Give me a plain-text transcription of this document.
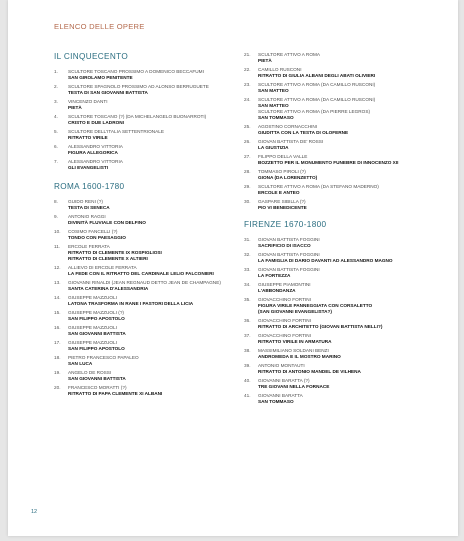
ELENCO DELLE OPERE
IL CINQUECENTO
1. SCULTORE TOSCANO PROSSIMO A DOMENICO BECCAFUMI
SAN GIROLAMO PENITENTE
2. SCULTORE SPAGNOLO PROSSIMO AD ALONSO BERRUGUETE
TESTA DI SAN GIOVANNI BATTISTA
3. VINCENZO DANTI
PIETÀ
4. SCULTORE TOSCANO (?) (DA MICHELANGELO BUONARROTI)
CRISTO E DUE LADRONI
5. SCULTORE DELL'ITALIA SETTENTRIONALE
RITRATTO VIRILE
6. ALESSANDRO VITTORIA
FIGURA ALLEGORICA
7. ALESSANDRO VITTORIA
GLI EVANGELISTI
ROMA 1600-1780
8. GUIDO RENI (?)
TESTA DI SENECA
9. ANTONIO RAGGI
DIVINITÀ FLUVIALE CON DELFINO
10. COSIMO FANCELLI (?)
TONDO CON PAESAGGIO
11. ERCOLE FERRATA
RITRATTO DI CLEMENTE IX ROSPIGLIOSI
RITRATTO DI CLEMENTE X ALTIERI
12. ALLIEVO DI ERCOLE FERRATA
LA FEDE CON IL RITRATTO DEL CARDINALE LELIO FALCONIERI
13. GIOVANNI RINALDI (JEAN REGNAUD DETTO JEAN DE CHAMPAGNE)
SANTA CATERINA D'ALESSANDRIA
14. GIUSEPPE MAZZUOLI
LATONA TRASFORMA IN RANE I PASTORI DELLA LICIA
15. GIUSEPPE MAZZUOLI (?)
SAN FILIPPO APOSTOLO
16. GIUSEPPE MAZZUOLI
SAN GIOVANNI BATTISTA
17. GIUSEPPE MAZZUOLI
SAN FILIPPO APOSTOLO
18. PIETRO FRANCESCO PAPALEO
SAN LUCA
19. ANGELO DE ROSSI
SAN GIOVANNI BATTISTA
20. FRANCESCO MORATTI (?)
RITRATTO DI PAPA CLEMENTE XI ALBANI
21. SCULTORE ATTIVO A ROMA
PIETÀ
22. CAMILLO RUSCONI
RITRATTO DI GIULIA ALBANI DEGLI ABATI OLIVIERI
23. SCULTORE ATTIVO A ROMA (DA CAMILLO RUSCONI)
SAN MATTEO
24. SCULTORE ATTIVO A ROMA (DA CAMILLO RUSCONI)
SAN MATTEO
SCULTORE ATTIVO A ROMA (DA PIERRE LEGROS)
SAN TOMMASO
25. AGOSTINO CORNACCHINI
GIUDITTA CON LA TESTA DI OLOFERNE
26. GIOVAN BATTISTA DE' ROSSI
LA GIUSTIZIA
27. FILIPPO DELLA VALLE
BOZZETTO PER IL MONUMENTO FUNEBRE DI INNOCENZO XII
28. TOMMASO PIROLI (?)
GIONA (DA LORENZETTO)
29. SCULTORE ATTIVO A ROMA (DA STEFANO MADERNO)
ERCOLE E ANTEO
30. GASPARE SIBILLA (?)
PIO VI BENEDICENTE
FIRENZE 1670-1800
31. GIOVAN BATTISTA FOGGINI
SACRIFICIO DI ISACCO
32. GIOVAN BATTISTA FOGGINI
LA FAMIGLIA DI DARIO DAVANTI AD ALESSANDRO MAGNO
33. GIOVAN BATTISTA FOGGINI
LA FORTEZZA
34. GIUSEPPE PIAMONTINI
L'ABBONDANZA
35. GIOVACCHINO FORTINI
FIGURA VIRILE PANNEGGIATA CON CORSALETTO
(SAN GIOVANNI EVANGELISTA?)
36. GIOVACCHINO FORTINI
RITRATTO DI ARCHITETTO (GIOVAN BATTISTA NELLI?)
37. GIOVACCHINO FORTINI
RITRATTO VIRILE IN ARMATURA
38. MASSIMILIANO SOLDANI BENZI
ANDROMEDA E IL MOSTRO MARINO
39. ANTONIO MONTAUTI
RITRATTO DI ANTONIO MANDEL DE VILHENA
40. GIOVANNI BARATTA (?)
TRE GIOVANI NELLA FORNACE
41. GIOVANNI BARATTA
SAN TOMMASO
12
